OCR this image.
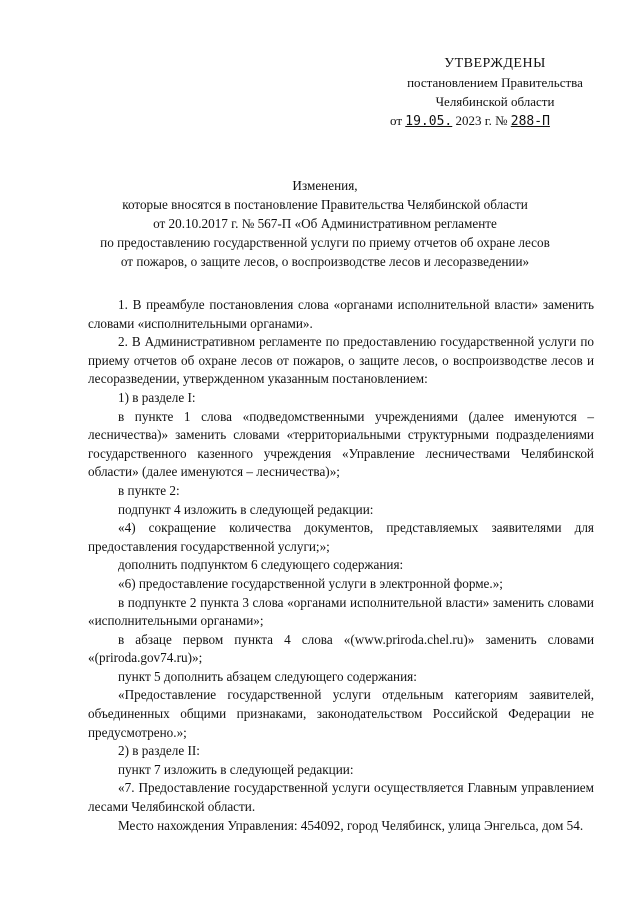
УТВЕРЖДЕНЫ
постановлением Правительства
Челябинской области
от 19.05. 2023 г. № 288-П
Изменения,
которые вносятся в постановление Правительства Челябинской области
от 20.10.2017 г. № 567-П «Об Административном регламенте
по предоставлению государственной услуги по приему отчетов об охране лесов
от пожаров, о защите лесов, о воспроизводстве лесов и лесоразведении»

1. В преамбуле постановления слова «органами исполнительной власти» заменить словами «исполнительными органами».

2. В Административном регламенте по предоставлению государственной услуги по приему отчетов об охране лесов от пожаров, о защите лесов, о воспроизводстве лесов и лесоразведении, утвержденном указанным постановлением:

1) в разделе I:

в пункте 1 слова «подведомственными учреждениями (далее именуются – лесничества)» заменить словами «территориальными структурными подразделениями государственного казенного учреждения «Управление лесничествами Челябинской области» (далее именуются – лесничества)»;

в пункте 2:

подпункт 4 изложить в следующей редакции:

«4) сокращение количества документов, представляемых заявителями для предоставления государственной услуги;»;

дополнить подпунктом 6 следующего содержания:

«6) предоставление государственной услуги в электронной форме.»;

в подпункте 2 пункта 3 слова «органами исполнительной власти» заменить словами «исполнительными органами»;

в абзаце первом пункта 4 слова «(www.priroda.chel.ru)» заменить словами «(priroda.gov74.ru)»;

пункт 5 дополнить абзацем следующего содержания:

«Предоставление государственной услуги отдельным категориям заявителей, объединенных общими признаками, законодательством Российской Федерации не предусмотрено.»;

2) в разделе II:

пункт 7 изложить в следующей редакции:

«7. Предоставление государственной услуги осуществляется Главным управлением лесами Челябинской области.

Место нахождения Управления: 454092, город Челябинск, улица Энгельса, дом 54.
